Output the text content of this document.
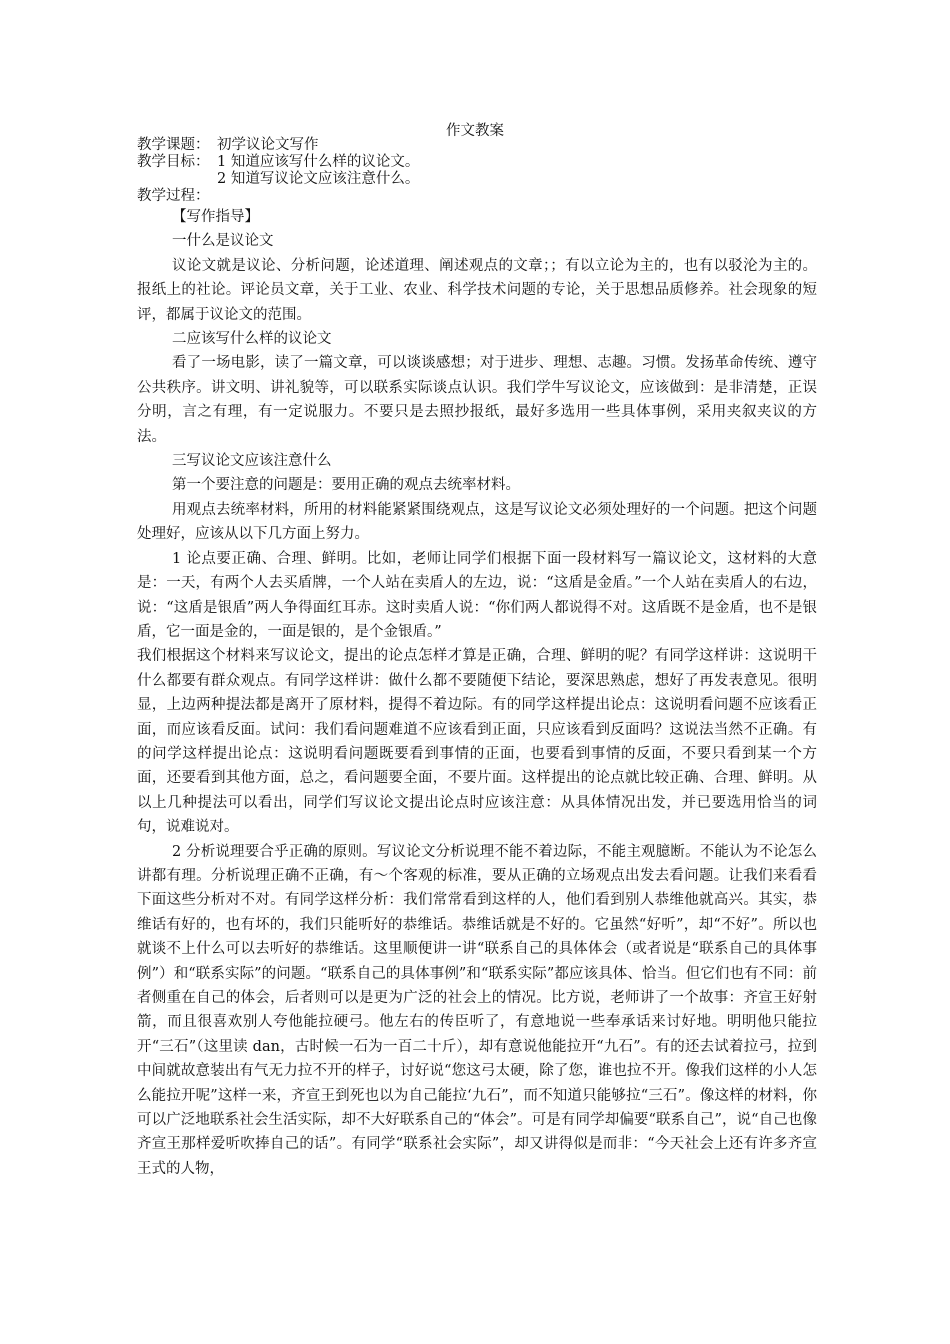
作文教案
教学课题： 初学议论文写作
教学目标： 1 知道应该写什么样的议论文。
2 知道写议论文应该注意什么。
教学过程：

【写作指导】

一什么是议论文

议论文就是议论、分析问题，论述道理、阐述观点的文章；；有以立论为主的，也有以驳沦为主的。报纸上的社论。评论员文章，关于工业、农业、科学技术问题的专论，关于思想品质修养。社会现象的短评，都属于议论文的范围。

二应该写什么样的议论文

看了一场电影，读了一篇文章，可以谈谈感想；对于进步、理想、志趣。习惯。发扬革命传统、遵守公共秩序。讲文明、讲礼貌等，可以联系实际谈点认识。我们学牛写议论文，应该做到：是非清楚，正误分明，言之有理，有一定说服力。不要只是去照抄报纸，最好多选用一些具体事例，采用夹叙夹议的方法。

三写议论文应该注意什么

第一个要注意的问题是：要用正确的观点去统率材料。

用观点去统率材料，所用的材料能紧紧围绕观点，这是写议论文必须处理好的一个问题。把这个问题处理好，应该从以下几方面上努力。

1 论点要正确、合理、鲜明。比如，老师让同学们根据下面一段材料写一篇议论文，这材料的大意是：一天，有两个人去买盾牌，一个人站在卖盾人的左边，说：“这盾是金盾。”一个人站在卖盾人的右边，说：“这盾是银盾”两人争得面红耳赤。这时卖盾人说：“你们两人都说得不对。这盾既不是金盾，也不是银盾，它一面是金的，一面是银的，是个金银盾。”

我们根据这个材料来写议论文，提出的论点怎样才算是正确，合理、鲜明的呢？有同学这样讲：这说明干什么都要有群众观点。有同学这样讲：做什么都不要随便下结论，要深思熟虑，想好了再发表意见。很明显，上边两种提法都是离开了原材料，提得不着边际。有的同学这样提出论点：这说明看问题不应该看正面，而应该看反面。试问：我们看问题难道不应该看到正面，只应该看到反面吗？这说法当然不正确。有的问学这样提出论点：这说明看问题既要看到事情的正面，也要看到事情的反面，不要只看到某一个方面，还要看到其他方面，总之，看问题要全面，不要片面。这样提出的论点就比较正确、合理、鲜明。从以上几种提法可以看出，同学们写议论文提出论点时应该注意：从具体情况出发，并已要选用恰当的词句，说难说对。

2 分析说理要合乎正确的原则。写议论文分析说理不能不着边际，不能主观臆断。不能认为不论怎么讲都有理。分析说理正确不正确，有～个客观的标准，要从正确的立场观点出发去看问题。让我们来看看下面这些分析对不对。有同学这样分析：我们常常看到这样的人，他们看到别人恭维他就高兴。其实，恭维话有好的，也有坏的，我们只能听好的恭维话。恭维话就是不好的。它虽然“好听”，却“不好”。所以也就谈不上什么可以去听好的恭维话。这里顺便讲一讲“联系自己的具体体会（或者说是“联系自己的具体事例”）和“联系实际”的问题。“联系自己的具体事例”和“联系实际”都应该具体、恰当。但它们也有不同：前者侧重在自己的体会，后者则可以是更为广泛的社会上的情况。比方说，老师讲了一个故事：齐宣王好射箭，而且很喜欢别人夸他能拉硬弓。他左右的传臣听了，有意地说一些奉承话来讨好地。明明他只能拉开“三石”（这里读 dan，古时候一石为一百二十斤），却有意说他能拉开“九石”。有的还去试着拉弓，拉到中间就故意装出有气无力拉不开的样子，讨好说“您这弓太硬，除了您，谁也拉不开。像我们这样的小人怎么能拉开呢”这样一来，齐宣王到死也以为自己能拉‘九石”，而不知道只能够拉“三石”。像这样的材料，你可以广泛地联系社会生活实际，却不大好联系自己的“体会”。可是有同学却偏要“联系自己”，说“自己也像齐宣王那样爱听吹捧自己的话”。有同学“联系社会实际”，却又讲得似是而非：“今天社会上还有许多齐宣王式的人物，
